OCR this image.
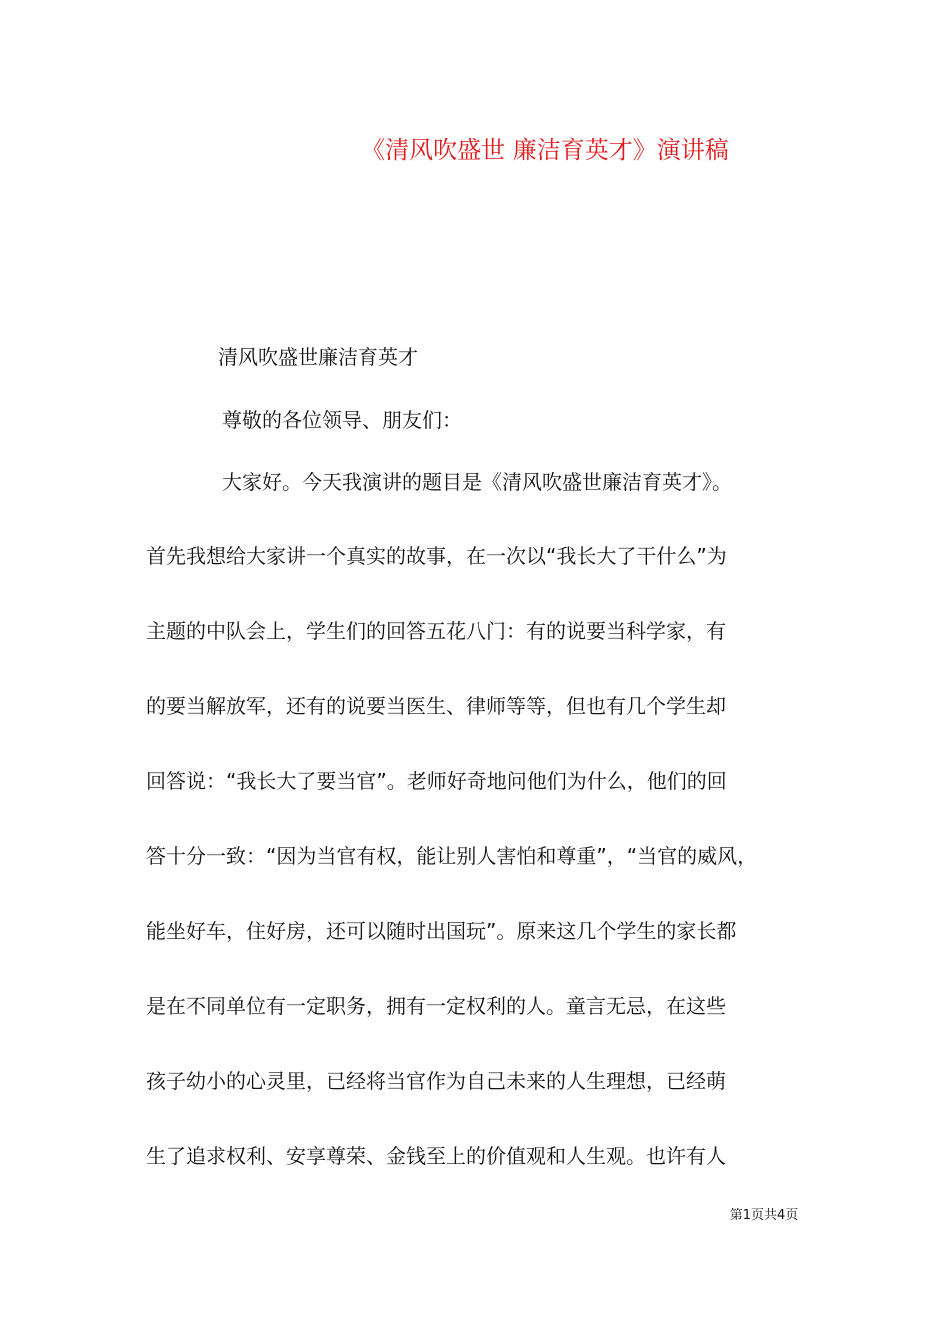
《清风吹盛世 廉洁育英才》演讲稿

清风吹盛世廉洁育英才

尊敬的各位领导、朋友们：

大家好。今天我演讲的题目是《清风吹盛世廉洁育英才》。

首先我想给大家讲一个真实的故事，在一次以“我长大了干什么”为

主题的中队会上，学生们的回答五花八门：有的说要当科学家，有

的要当解放军，还有的说要当医生、律师等等，但也有几个学生却

回答说：“我长大了要当官”。老师好奇地问他们为什么，他们的回

答十分一致：“因为当官有权，能让别人害怕和尊重”，“当官的威风，

能坐好车，住好房，还可以随时出国玩”。原来这几个学生的家长都

是在不同单位有一定职务，拥有一定权利的人。童言无忌，在这些

孩子幼小的心灵里，已经将当官作为自己未来的人生理想，已经萌

生了追求权利、安享尊荣、金钱至上的价值观和人生观。也许有人

第1页共4页
